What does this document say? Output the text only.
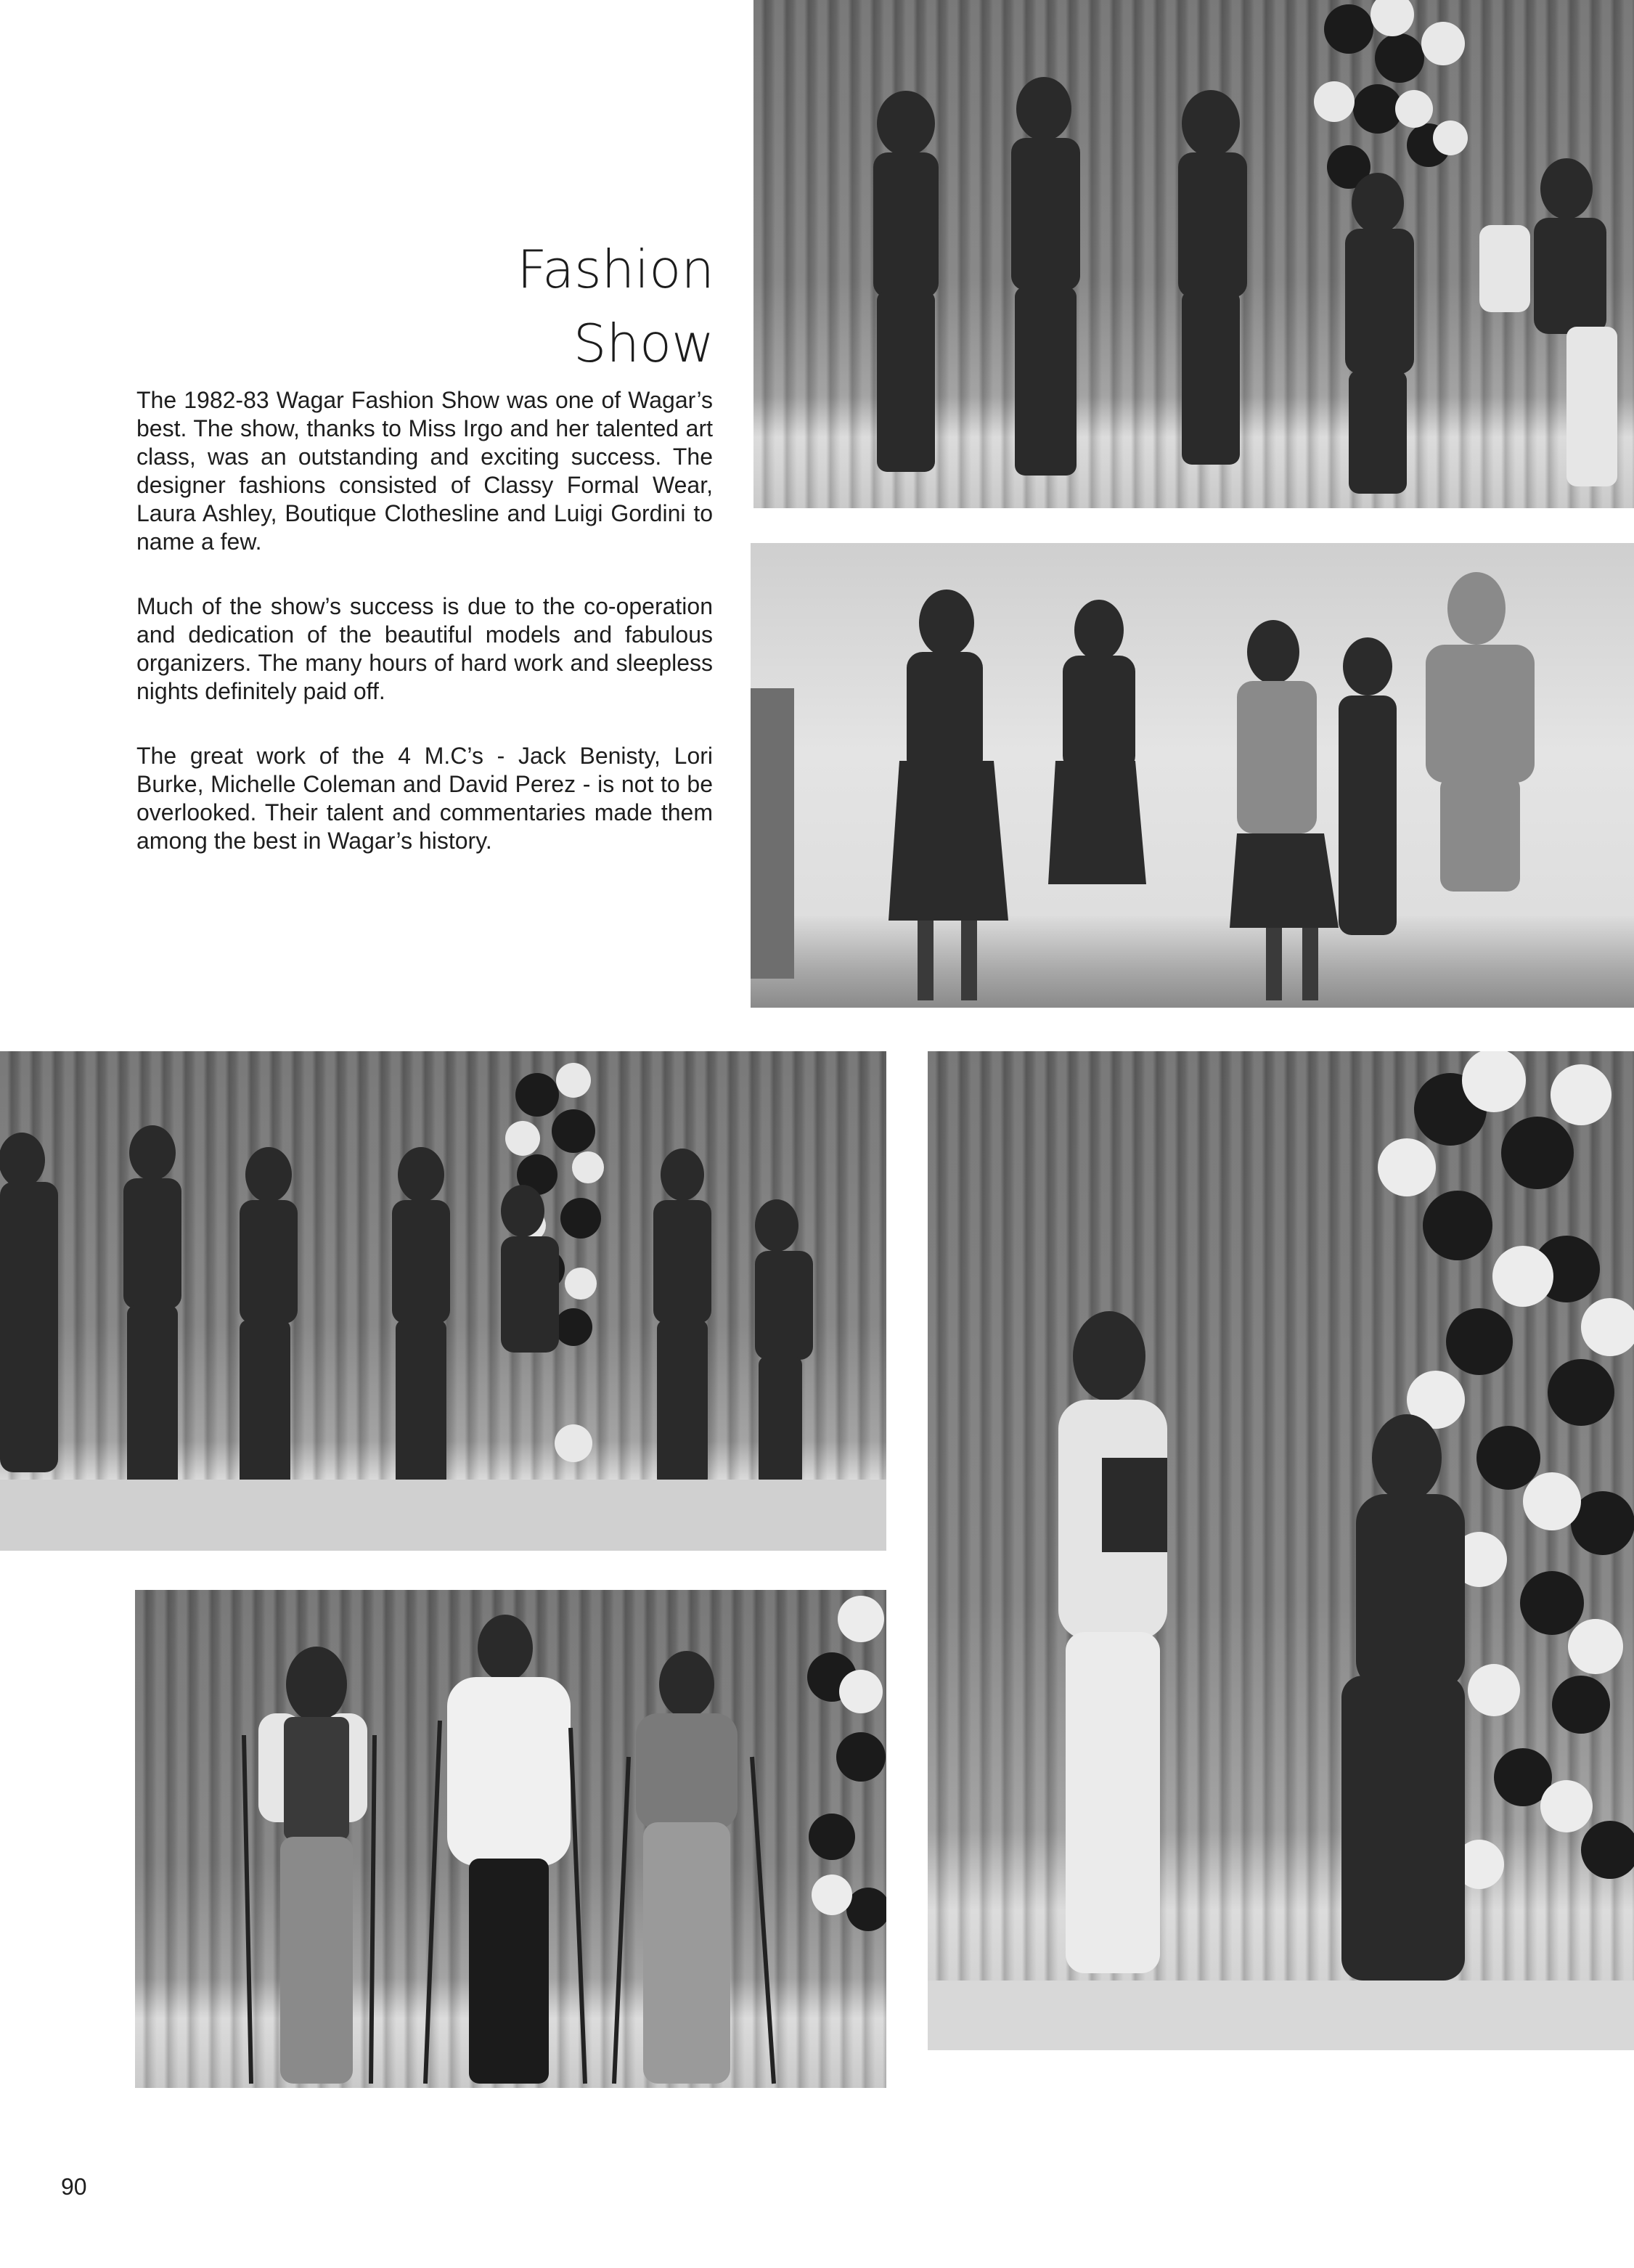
Fashion
Show

The 1982-83 Wagar Fashion Show was one of Wagar’s best. The show, thanks to Miss Irgo and her talented art class, was an outstanding and exciting success. The designer fashions consisted of Classy Formal Wear, Laura Ashley, Boutique Clothesline and Luigi Gordini to name a few.

Much of the show’s success is due to the co-operation and dedication of the beautiful models and fabulous organizers. The many hours of hard work and sleepless nights definitely paid off.

The great work of the 4 M.C’s - Jack Benisty, Lori Burke, Michelle Coleman and David Perez - is not to be overlooked. Their talent and commentaries made them among the best in Wagar’s history.

90
